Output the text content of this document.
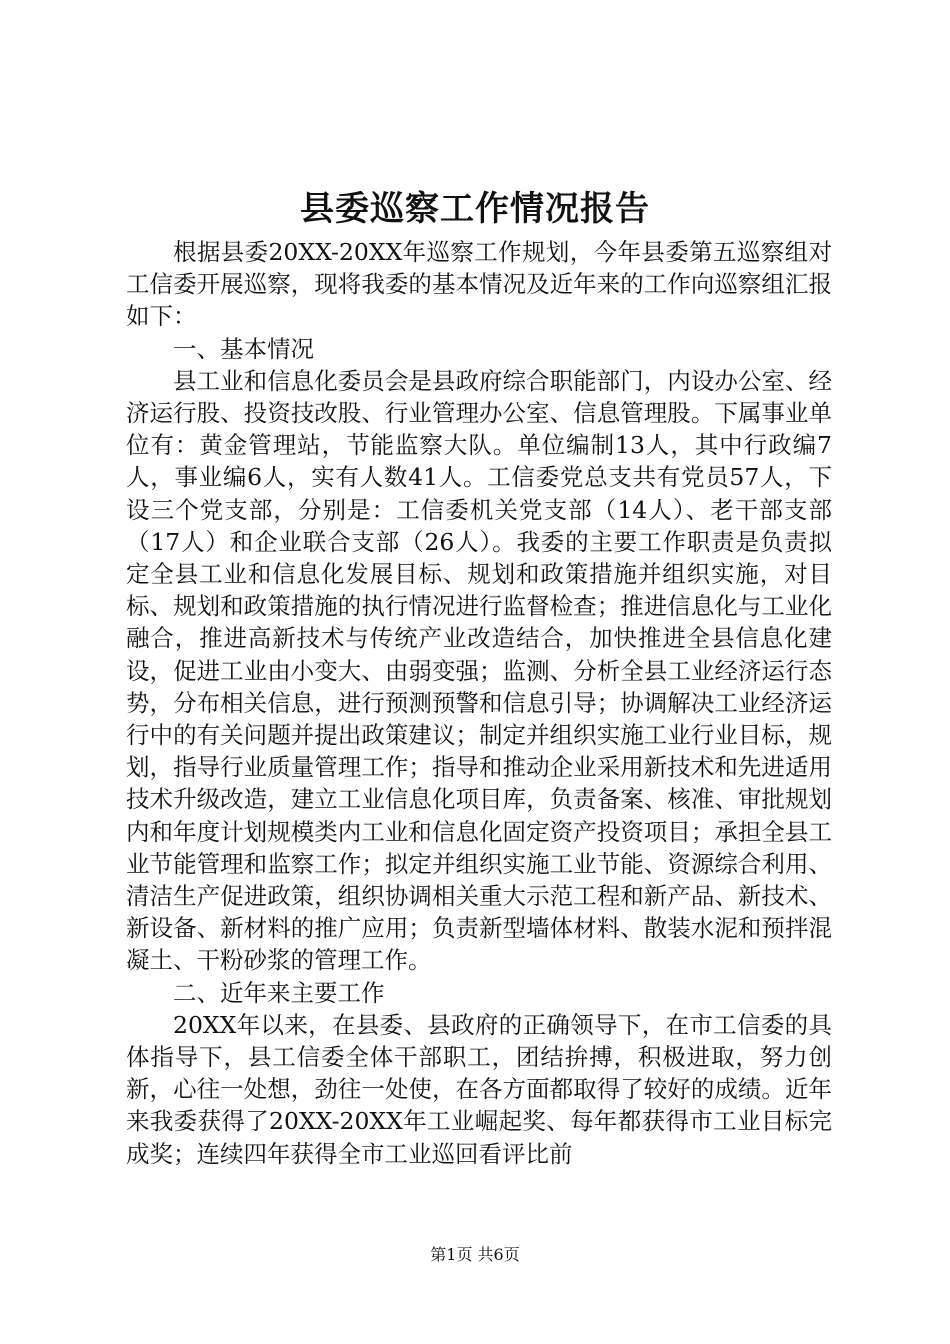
县委巡察工作情况报告

根据县委20XX-20XX年巡察工作规划，今年县委第五巡察组对工信委开展巡察，现将我委的基本情况及近年来的工作向巡察组汇报如下：

一、基本情况

县工业和信息化委员会是县政府综合职能部门，内设办公室、经济运行股、投资技改股、行业管理办公室、信息管理股。下属事业单位有：黄金管理站，节能监察大队。单位编制13人，其中行政编7人，事业编6人，实有人数41人。工信委党总支共有党员57人，下设三个党支部，分别是：工信委机关党支部（14人）、老干部支部（17人）和企业联合支部（26人）。我委的主要工作职责是负责拟定全县工业和信息化发展目标、规划和政策措施并组织实施，对目标、规划和政策措施的执行情况进行监督检查；推进信息化与工业化融合，推进高新技术与传统产业改造结合，加快推进全县信息化建设，促进工业由小变大、由弱变强；监测、分析全县工业经济运行态势，分布相关信息，进行预测预警和信息引导；协调解决工业经济运行中的有关问题并提出政策建议；制定并组织实施工业行业目标，规划，指导行业质量管理工作；指导和推动企业采用新技术和先进适用技术升级改造，建立工业信息化项目库，负责备案、核准、审批规划内和年度计划规模类内工业和信息化固定资产投资项目；承担全县工业节能管理和监察工作；拟定并组织实施工业节能、资源综合利用、清洁生产促进政策，组织协调相关重大示范工程和新产品、新技术、新设备、新材料的推广应用；负责新型墙体材料、散装水泥和预拌混凝土、干粉砂浆的管理工作。

二、近年来主要工作

20XX年以来，在县委、县政府的正确领导下，在市工信委的具体指导下，县工信委全体干部职工，团结拚搏，积极进取，努力创新，心往一处想，劲往一处使，在各方面都取得了较好的成绩。近年来我委获得了20XX-20XX年工业崛起奖、每年都获得市工业目标完成奖；连续四年获得全市工业巡回看评比前

第1页 共6页
